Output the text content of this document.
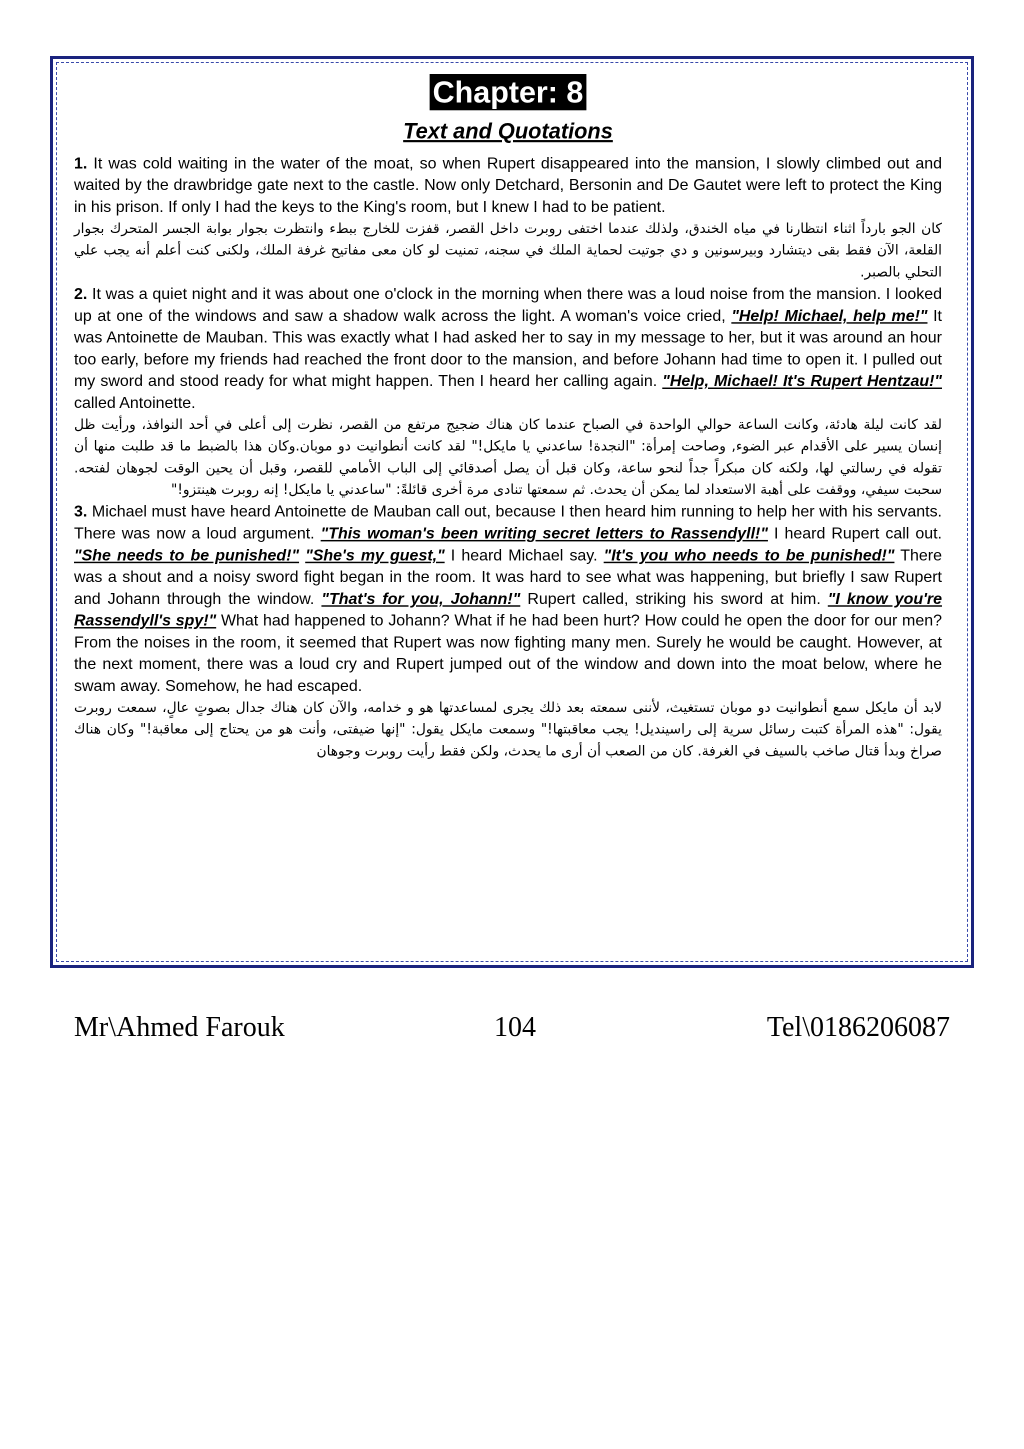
Chapter: 8
Text and Quotations

1. It was cold waiting in the water of the moat, so when Rupert disappeared into the mansion, I slowly climbed out and waited by the drawbridge gate next to the castle. Now only Detchard, Bersonin and De Gautet were left to protect the King in his prison. If only I had the keys to the King's room, but I knew I had to be patient.

كان الجو بارداً اثناء انتظارنا في مياه الخندق، ولذلك عندما اختفى روبرت داخل القصر، قفزت للخارج ببطء وانتظرت بجوار بوابة الجسر المتحرك بجوار القلعة، الآن فقط بقى ديتشارد وبيرسونين و دي جوتيت لحماية الملك في سجنه، تمنيت لو كان معى مفاتيح غرفة الملك، ولكنى كنت أعلم أنه يجب علي التحلي بالصبر.

2. It was a quiet night and it was about one o'clock in the morning when there was a loud noise from the mansion. I looked up at one of the windows and saw a shadow walk across the light. A woman's voice cried, "Help! Michael, help me!" It was Antoinette de Mauban. This was exactly what I had asked her to say in my message to her, but it was around an hour too early, before my friends had reached the front door to the mansion, and before Johann had time to open it. I pulled out my sword and stood ready for what might happen. Then I heard her calling again. "Help, Michael! It's Rupert Hentzau!" called Antoinette.

لقد كانت ليلة هادئة، وكانت الساعة حوالي الواحدة في الصباح عندما كان هناك ضجيج مرتفع من القصر، نظرت إلى أعلى في أحد النوافذ، ورأيت ظل إنسان يسير على الأقدام عبر الضوء, وصاحت إمرأة: "النجدة! ساعدني يا مايكل!" لقد كانت أنطوانيت دو موبان.وكان هذا بالضبط ما قد طلبت منها أن تقوله في رسالتي لها، ولكنه كان مبكراً جداً لنحو ساعة، وكان قبل أن يصل أصدقائي إلى الباب الأمامي للقصر، وقبل أن يحين الوقت لجوهان لفتحه. سحبت سيفي، ووقفت على أهبة الاستعداد لما يمكن أن يحدث. ثم سمعتها تنادى مرة أخرى قائلةً: "ساعدني يا مايكل! إنه روبرت هينتزو!"

3. Michael must have heard Antoinette de Mauban call out, because I then heard him running to help her with his servants. There was now a loud argument. "This woman's been writing secret letters to Rassendyll!" I heard Rupert call out. "She needs to be punished!" "She's my guest," I heard Michael say. "It's you who needs to be punished!" There was a shout and a noisy sword fight began in the room. It was hard to see what was happening, but briefly I saw Rupert and Johann through the window. "That's for you, Johann!" Rupert called, striking his sword at him. "I know you're Rassendyll's spy!" What had happened to Johann? What if he had been hurt? How could he open the door for our men? From the noises in the room, it seemed that Rupert was now fighting many men. Surely he would be caught. However, at the next moment, there was a loud cry and Rupert jumped out of the window and down into the moat below, where he swam away. Somehow, he had escaped.

لابد أن مايكل سمع أنطوانيت دو موبان تستغيث، لأننى سمعته بعد ذلك يجرى لمساعدتها هو و خدامه، والآن كان هناك جدال بصوتٍ عالٍ، سمعت روبرت يقول: "هذه المرأة كتبت رسائل سرية إلى راسينديل! يجب معاقبتها!" وسمعت مايكل يقول: "إنها ضيفتى، وأنت هو من يحتاج إلى معاقبة!" وكان هناك صراخ وبدأ قتال صاخب بالسيف في الغرفة. كان من الصعب أن أرى ما يحدث، ولكن فقط رأيت روبرت وجوهان

Mr\Ahmed Farouk	104	Tel\0186206087
